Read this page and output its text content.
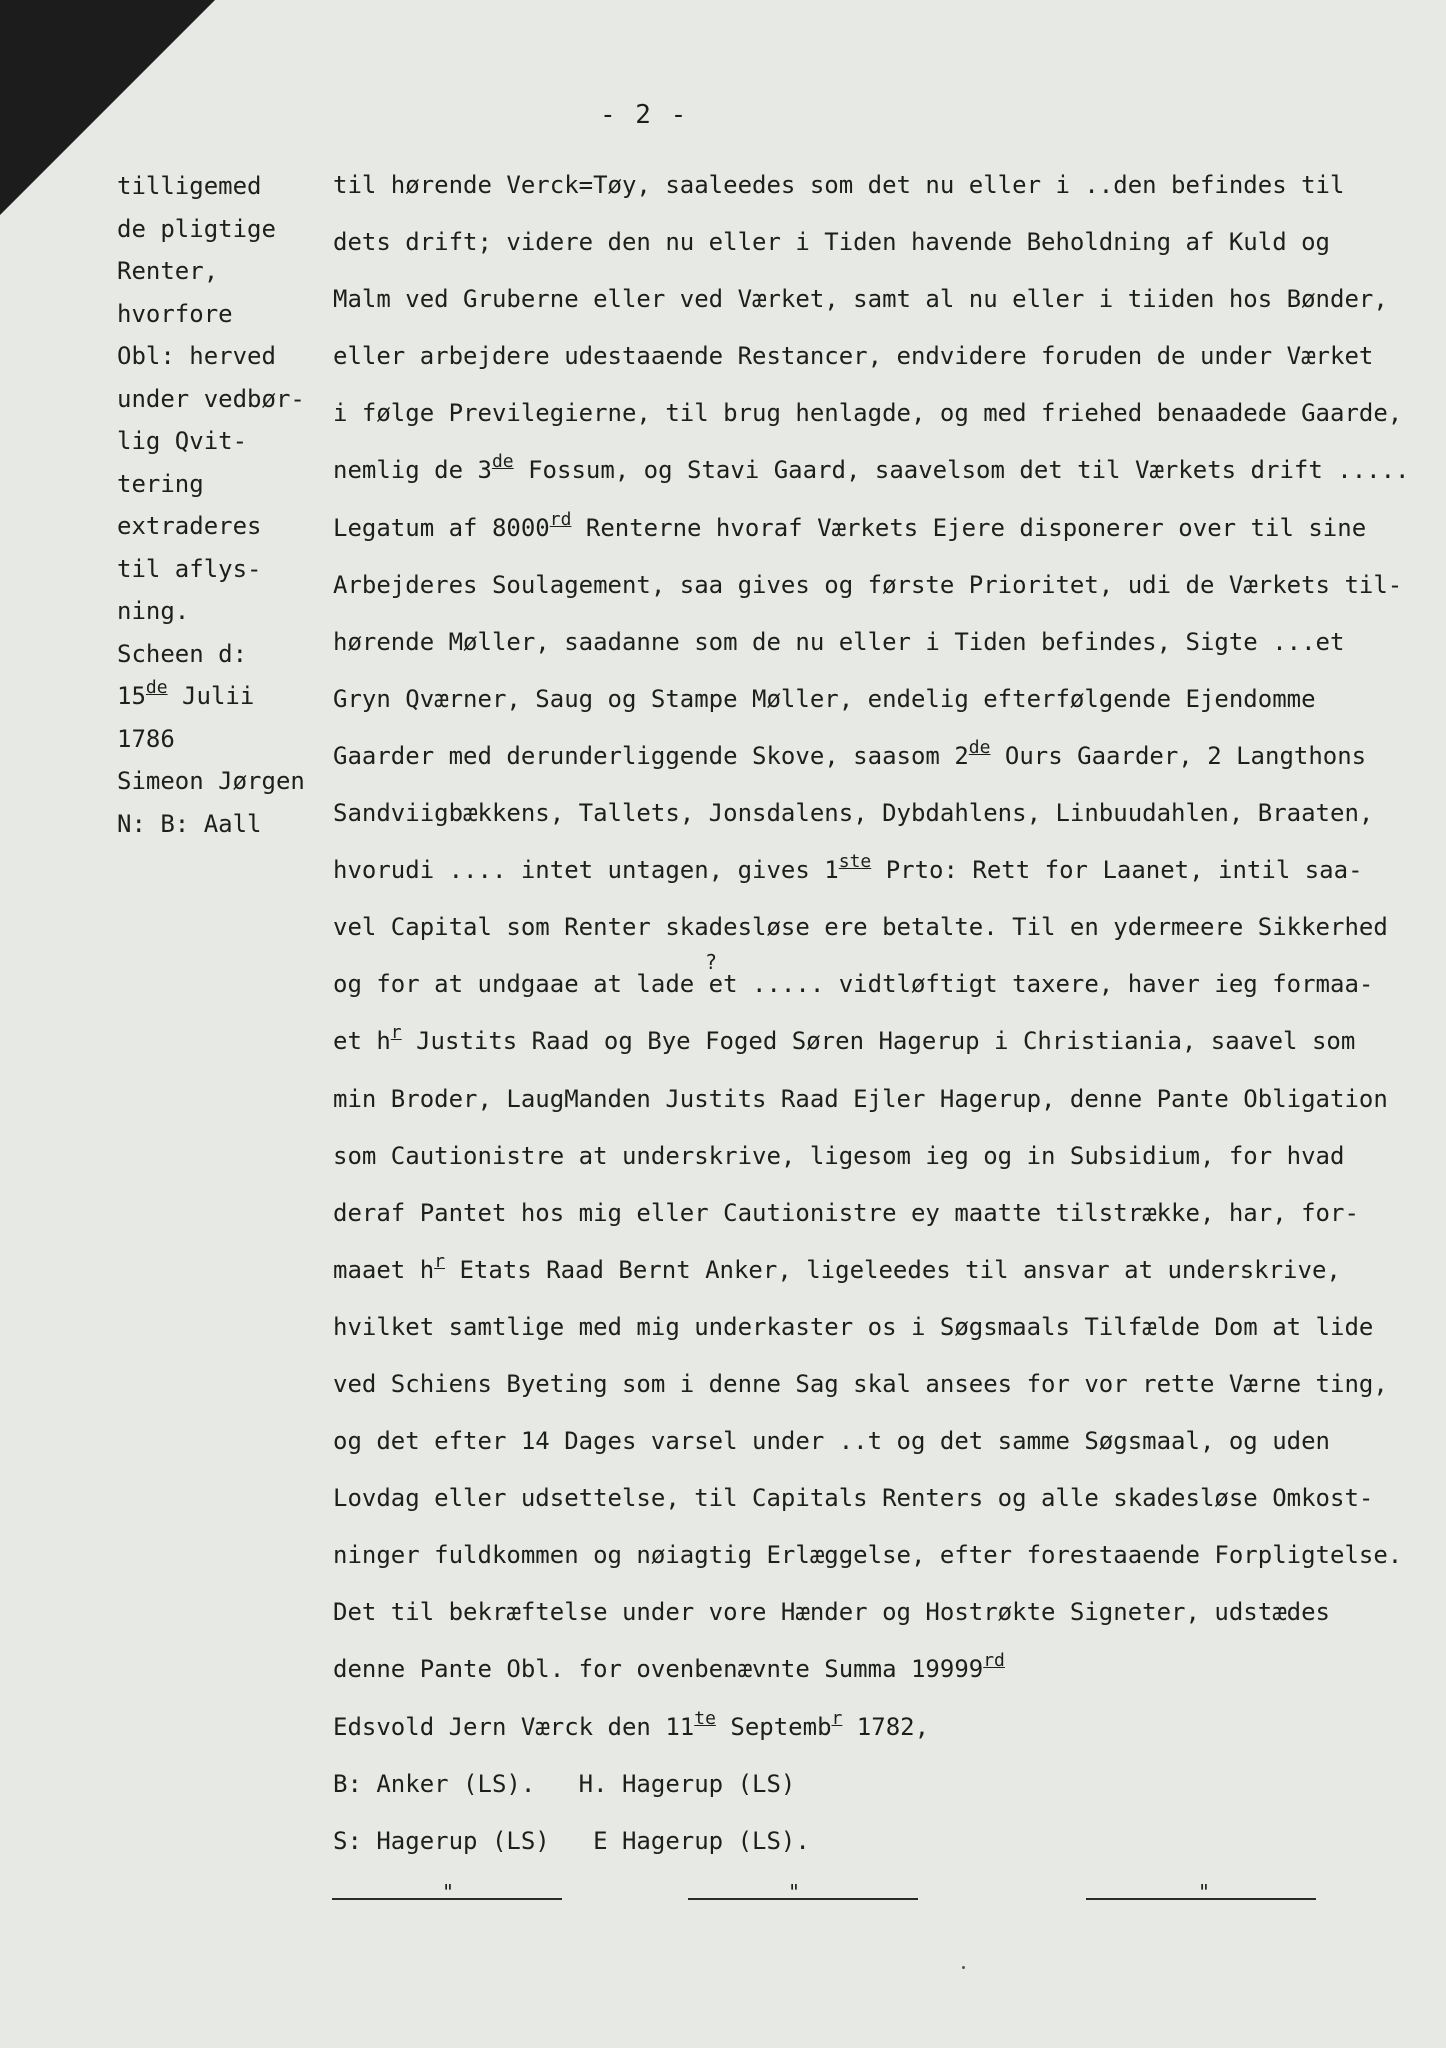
- 2 -
tilligemed
de pligtige
Renter,
hvorfore
Obl: herved
under vedbør-
lig Qvit-
tering
extraderes
til aflys-
ning.
Scheen d:
15de Julii
1786
Simeon Jørgen
N: B: Aall
til hørende Verck=Tøy, saaleedes som det nu eller i ..den befindes til
dets drift; videre den nu eller i Tiden havende Beholdning af Kuld og
Malm ved Gruberne eller ved Værket, samt al nu eller i tiiden hos Bønder,
eller arbejdere udestaaende Restancer, endvidere foruden de under Værket
i følge Previlegierne, til brug henlagde, og med friehed benaadede Gaarde,
nemlig de 3de Fossum, og Stavi Gaard, saavelsom det til Værkets drift .....
Legatum af 8000rd Renterne hvoraf Værkets Ejere disponerer over til sine
Arbejderes Soulagement, saa gives og første Prioritet, udi de Værkets til-
hørende Møller, saadanne som de nu eller i Tiden befindes, Sigte ...et
Gryn Qværner, Saug og Stampe Møller, endelig efterfølgende Ejendomme
Gaarder med derunderliggende Skove, saasom 2de Ours Gaarder, 2 Langthons
Sandviigbækkens, Tallets, Jonsdalens, Dybdahlens, Linbuudahlen, Braaten,
hvorudi .... intet untagen, gives 1ste Prto: Rett for Laanet, intil saa-
vel Capital som Renter skadesløse ere betalte. Til en ydermeere Sikkerhed
?
og for at undgaae at lade et ..... vidtløftigt taxere, haver ieg formaa-
et $h^r$ Justits Raad og Bye Foged Søren Hagerup i Christiania, saavel som
min Broder, LaugManden Justits Raad Ejler Hagerup, denne Pante Obligation
som Cautionistre at underskrive, ligesom ieg og in Subsidium, for hvad
deraf Pantet hos mig eller Cautionistre ey maatte tilstrække, har, for-
maaet $h^r$ Etats Raad Bernt Anker, ligeleedes til ansvar at underskrive,
hvilket samtlige med mig underkaster os i Søgsmaals Tilfælde Dom at lide
ved Schiens Byeting som i denne Sag skal ansees for vor rette Værne ting,
og det efter 14 Dages varsel under ..t og det samme Søgsmaal, og uden
Lovdag eller udsettelse, til Capitals Renters og alle skadesløse Omkost-
ninger fuldkommen og nøiagtig Erlæggelse, efter forestaaende Forpligtelse.
Det til bekræftelse under vore Hænder og Hostrøkte Signeter, udstædes
denne Pante Obl. for ovenbenævnte Summa 19999rd
Edsvold Jern Værck den $11^{te}$ Septemb$^r$ 1782,
B: Anker (LS).   H. Hagerup (LS)
S: Hagerup (LS)   E Hagerup (LS).
"	"	"
